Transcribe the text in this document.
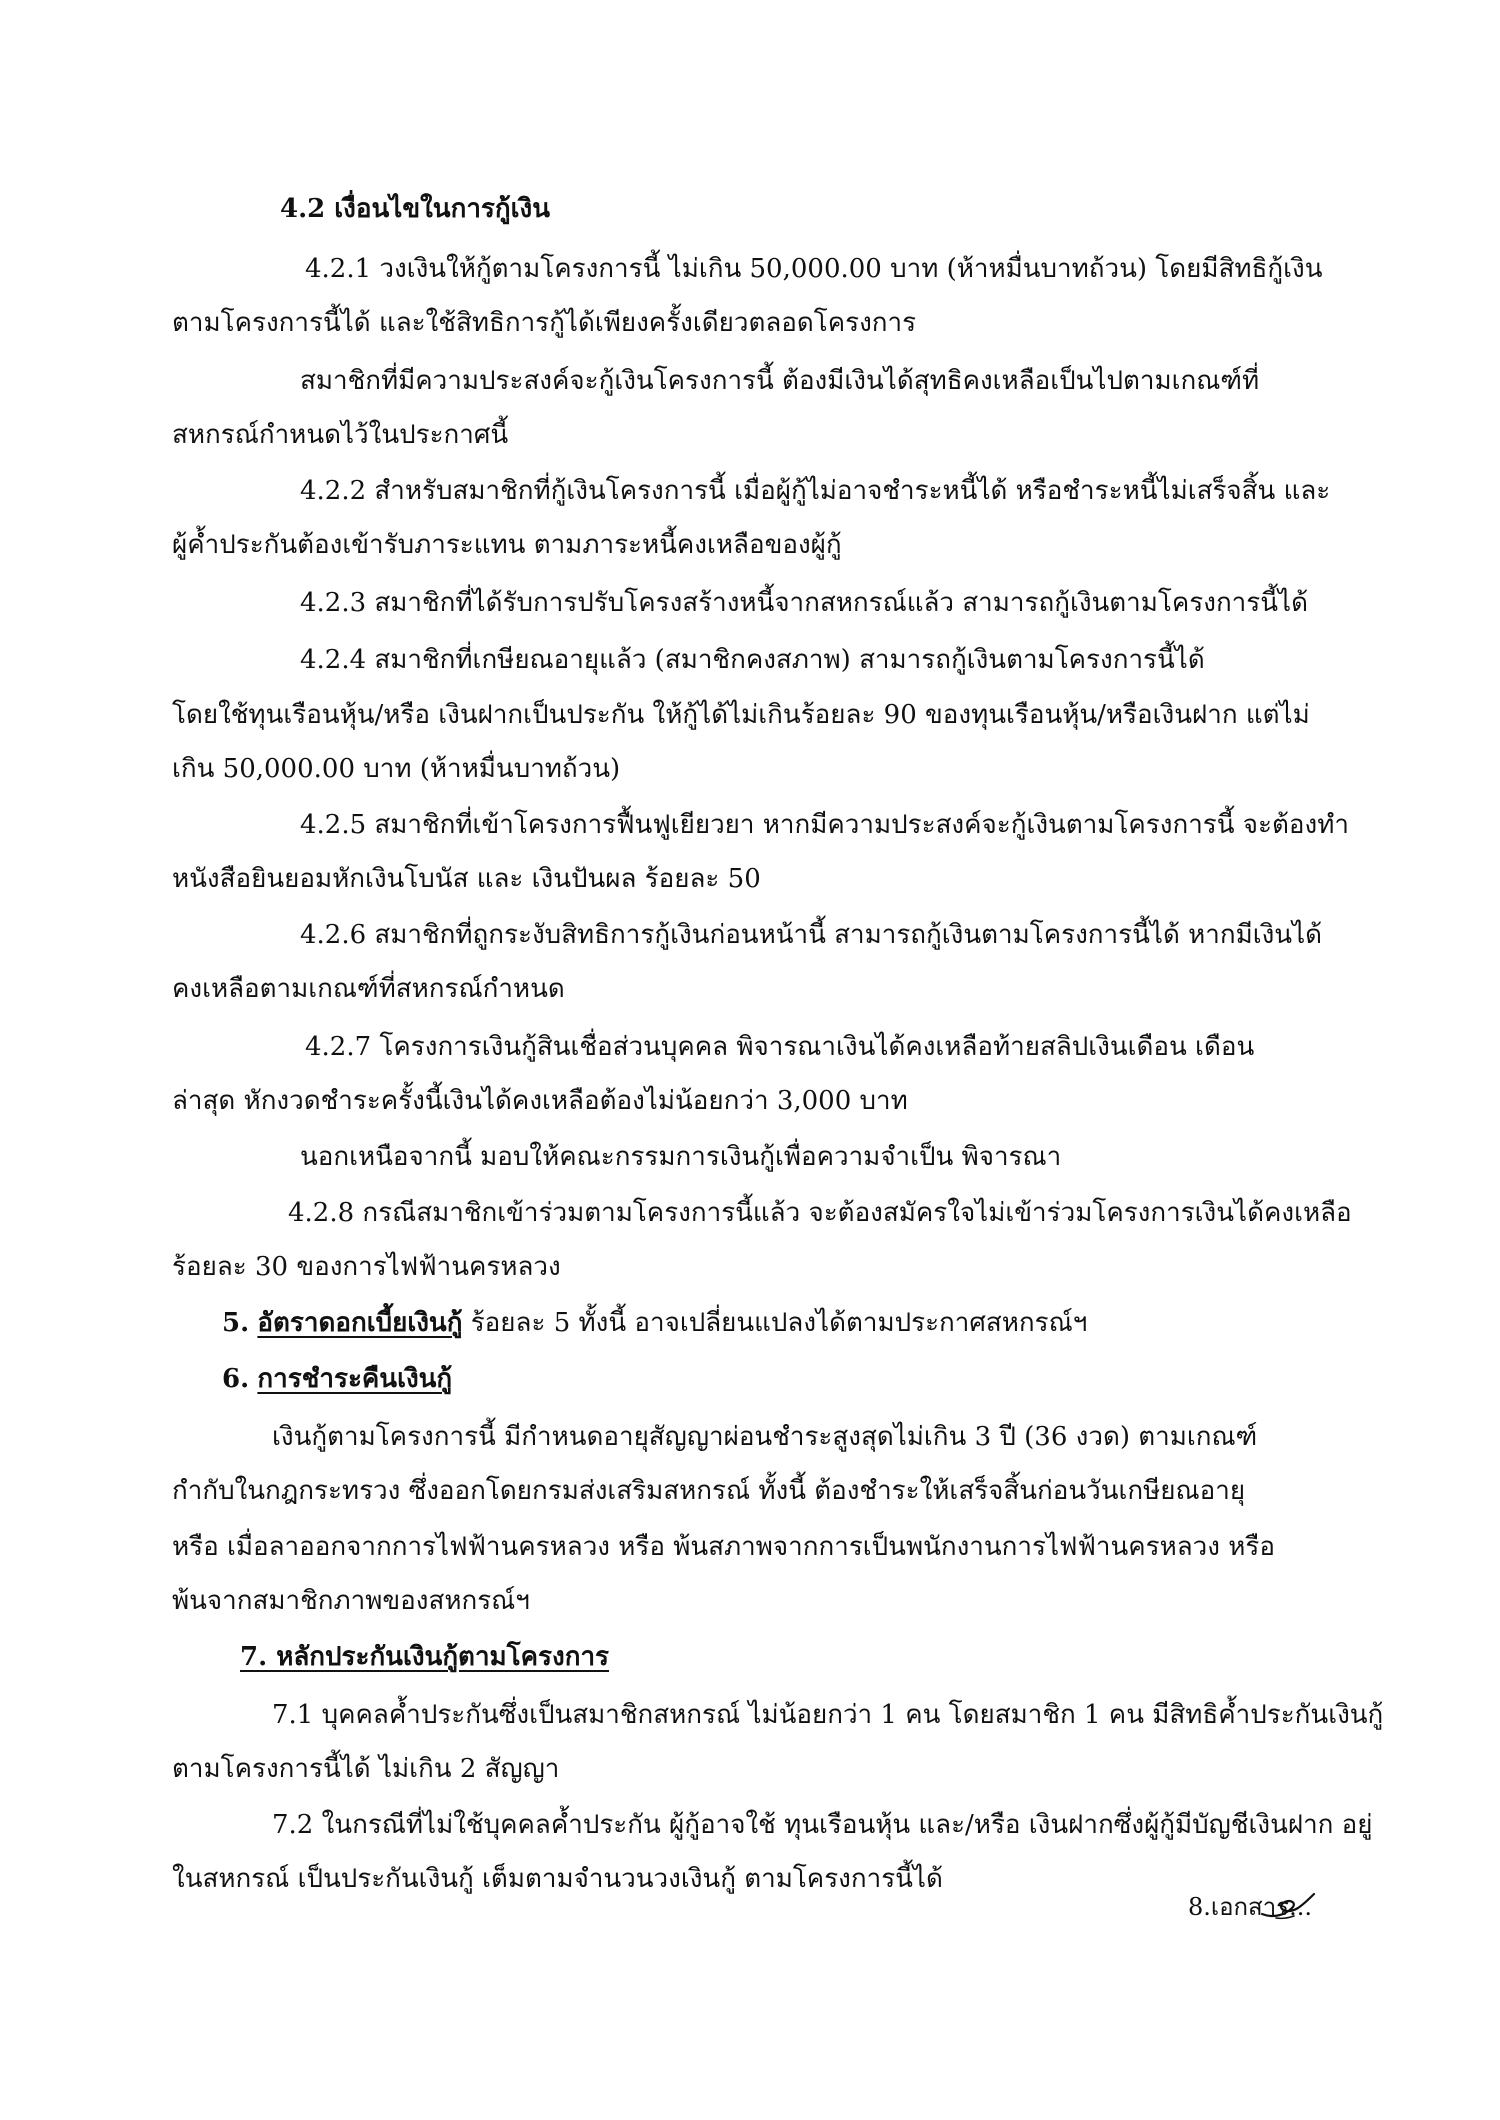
4.2 เงื่อนไขในการกู้เงิน
4.2.1 วงเงินให้กู้ตามโครงการนี้ ไม่เกิน 50,000.00 บาท (ห้าหมื่นบาทถ้วน) โดยมีสิทธิกู้เงิน
ตามโครงการนี้ได้ และใช้สิทธิการกู้ได้เพียงครั้งเดียวตลอดโครงการ
สมาชิกที่มีความประสงค์จะกู้เงินโครงการนี้ ต้องมีเงินได้สุทธิคงเหลือเป็นไปตามเกณฑ์ที่
สหกรณ์กำหนดไว้ในประกาศนี้
4.2.2 สำหรับสมาชิกที่กู้เงินโครงการนี้ เมื่อผู้กู้ไม่อาจชำระหนี้ได้ หรือชำระหนี้ไม่เสร็จสิ้น และ
ผู้ค้ำประกันต้องเข้ารับภาระแทน ตามภาระหนี้คงเหลือของผู้กู้
4.2.3 สมาชิกที่ได้รับการปรับโครงสร้างหนี้จากสหกรณ์แล้ว สามารถกู้เงินตามโครงการนี้ได้
4.2.4 สมาชิกที่เกษียณอายุแล้ว (สมาชิกคงสภาพ) สามารถกู้เงินตามโครงการนี้ได้
โดยใช้ทุนเรือนหุ้น/หรือ เงินฝากเป็นประกัน ให้กู้ได้ไม่เกินร้อยละ 90 ของทุนเรือนหุ้น/หรือเงินฝาก แต่ไม่
เกิน 50,000.00 บาท (ห้าหมื่นบาทถ้วน)
4.2.5 สมาชิกที่เข้าโครงการฟื้นฟูเยียวยา หากมีความประสงค์จะกู้เงินตามโครงการนี้ จะต้องทำ
หนังสือยินยอมหักเงินโบนัส และ เงินปันผล ร้อยละ 50
4.2.6 สมาชิกที่ถูกระงับสิทธิการกู้เงินก่อนหน้านี้ สามารถกู้เงินตามโครงการนี้ได้ หากมีเงินได้
คงเหลือตามเกณฑ์ที่สหกรณ์กำหนด
4.2.7 โครงการเงินกู้สินเชื่อส่วนบุคคล พิจารณาเงินได้คงเหลือท้ายสลิปเงินเดือน เดือน
ล่าสุด หักงวดชำระครั้งนี้เงินได้คงเหลือต้องไม่น้อยกว่า 3,000 บาท
นอกเหนือจากนี้ มอบให้คณะกรรมการเงินกู้เพื่อความจำเป็น พิจารณา
4.2.8 กรณีสมาชิกเข้าร่วมตามโครงการนี้แล้ว จะต้องสมัครใจไม่เข้าร่วมโครงการเงินได้คงเหลือ
ร้อยละ 30 ของการไฟฟ้านครหลวง
5. อัตราดอกเบี้ยเงินกู้ ร้อยละ 5 ทั้งนี้ อาจเปลี่ยนแปลงได้ตามประกาศสหกรณ์ฯ
6. การชำระคืนเงินกู้
เงินกู้ตามโครงการนี้ มีกำหนดอายุสัญญาผ่อนชำระสูงสุดไม่เกิน 3 ปี (36 งวด) ตามเกณฑ์
กำกับในกฎกระทรวง ซึ่งออกโดยกรมส่งเสริมสหกรณ์ ทั้งนี้ ต้องชำระให้เสร็จสิ้นก่อนวันเกษียณอายุ
หรือ เมื่อลาออกจากการไฟฟ้านครหลวง หรือ พ้นสภาพจากการเป็นพนักงานการไฟฟ้านครหลวง หรือ
พ้นจากสมาชิกภาพของสหกรณ์ฯ
7. หลักประกันเงินกู้ตามโครงการ
7.1 บุคคลค้ำประกันซึ่งเป็นสมาชิกสหกรณ์ ไม่น้อยกว่า 1 คน โดยสมาชิก 1 คน มีสิทธิค้ำประกันเงินกู้
ตามโครงการนี้ได้ ไม่เกิน 2 สัญญา
7.2 ในกรณีที่ไม่ใช้บุคคลค้ำประกัน ผู้กู้อาจใช้ ทุนเรือนหุ้น และ/หรือ เงินฝากซึ่งผู้กู้มีบัญชีเงินฝาก อยู่
ในสหกรณ์ เป็นประกันเงินกู้ เต็มตามจำนวนวงเงินกู้ ตามโครงการนี้ได้
8.เอกสาร...
